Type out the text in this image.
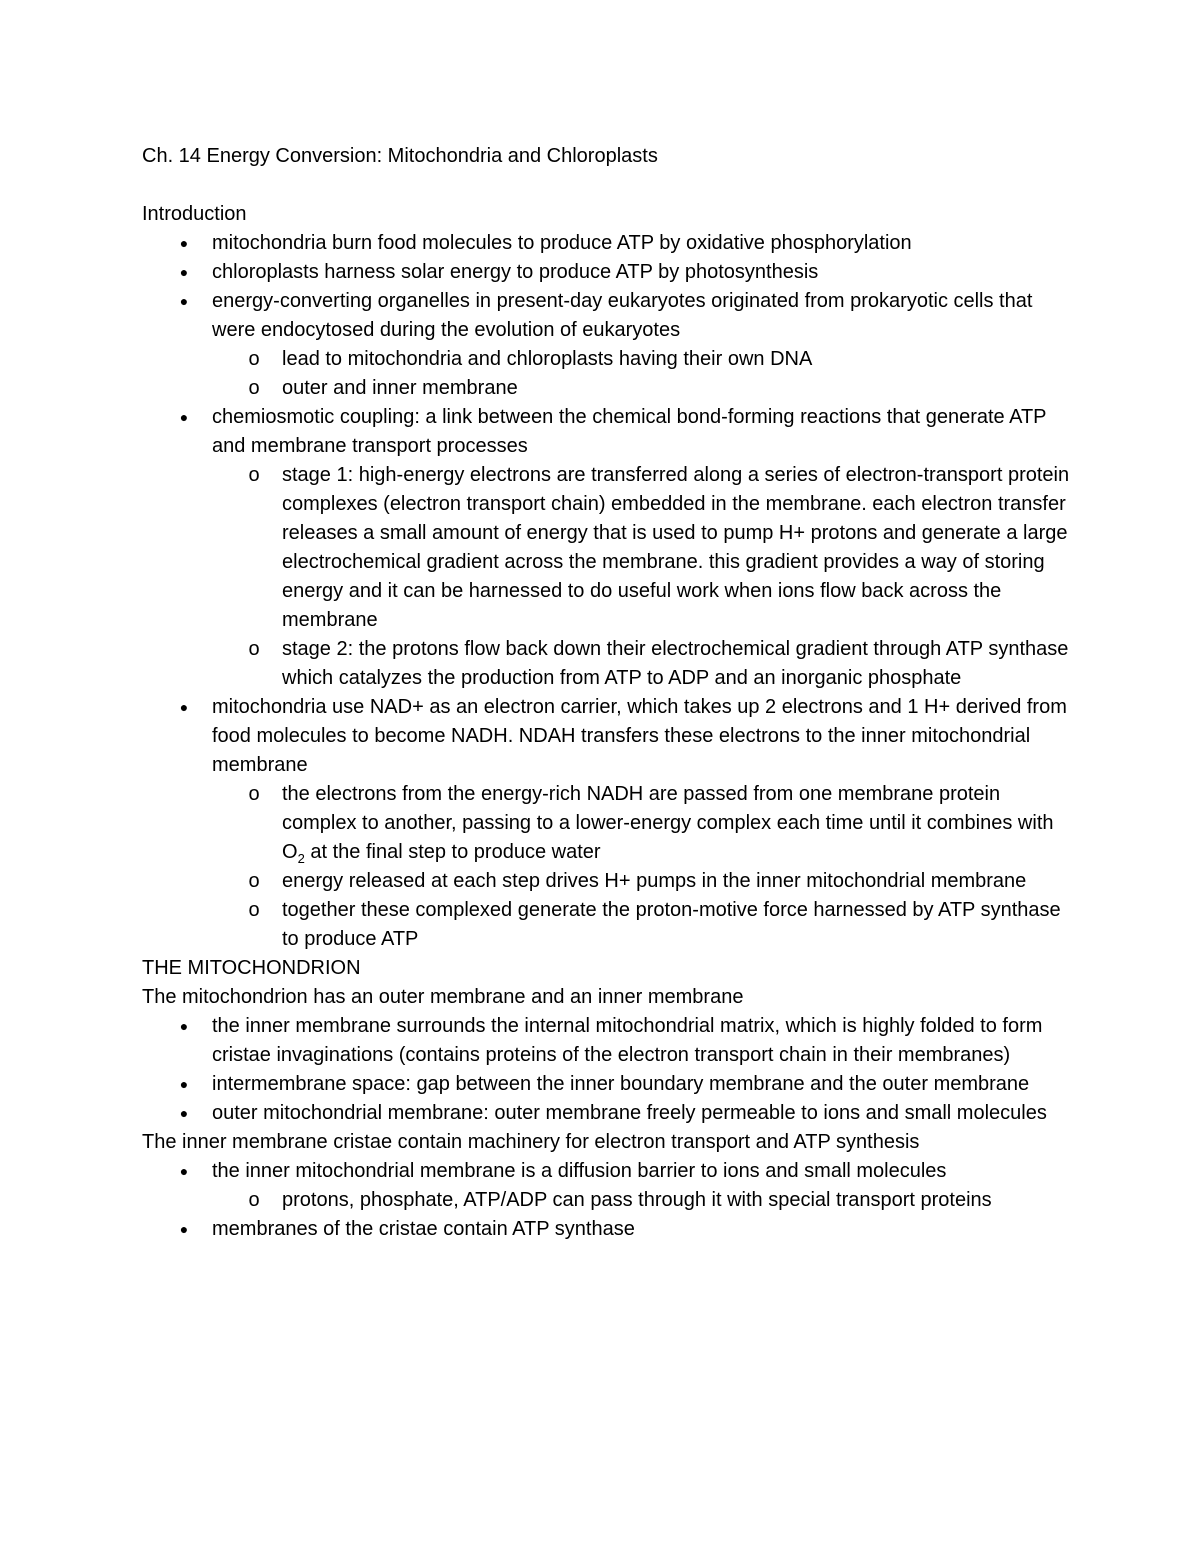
Ch. 14 Energy Conversion: Mitochondria and Chloroplasts

Introduction

● mitochondria burn food molecules to produce ATP by oxidative phosphorylation
● chloroplasts harness solar energy to produce ATP by photosynthesis
● energy-converting organelles in present-day eukaryotes originated from prokaryotic cells that were endocytosed during the evolution of eukaryotes
o lead to mitochondria and chloroplasts having their own DNA
o outer and inner membrane
● chemiosmotic coupling: a link between the chemical bond-forming reactions that generate ATP and membrane transport processes
o stage 1: high-energy electrons are transferred along a series of electron-transport protein complexes (electron transport chain) embedded in the membrane. each electron transfer releases a small amount of energy that is used to pump H+ protons and generate a large electrochemical gradient across the membrane. this gradient provides a way of storing energy and it can be harnessed to do useful work when ions flow back across the membrane
o stage 2: the protons flow back down their electrochemical gradient through ATP synthase which catalyzes the production from ATP to ADP and an inorganic phosphate
● mitochondria use NAD+ as an electron carrier, which takes up 2 electrons and 1 H+ derived from food molecules to become NADH. NDAH transfers these electrons to the inner mitochondrial membrane
o the electrons from the energy-rich NADH are passed from one membrane protein complex to another, passing to a lower-energy complex each time until it combines with $O_2$ at the final step to produce water
o energy released at each step drives H+ pumps in the inner mitochondrial membrane
o together these complexed generate the proton-motive force harnessed by ATP synthase to produce ATP

THE MITOCHONDRION

The mitochondrion has an outer membrane and an inner membrane

● the inner membrane surrounds the internal mitochondrial matrix, which is highly folded to form cristae invaginations (contains proteins of the electron transport chain in their membranes)
● intermembrane space: gap between the inner boundary membrane and the outer membrane
● outer mitochondrial membrane: outer membrane freely permeable to ions and small molecules

The inner membrane cristae contain machinery for electron transport and ATP synthesis

● the inner mitochondrial membrane is a diffusion barrier to ions and small molecules
o protons, phosphate, ATP/ADP can pass through it with special transport proteins
● membranes of the cristae contain ATP synthase
